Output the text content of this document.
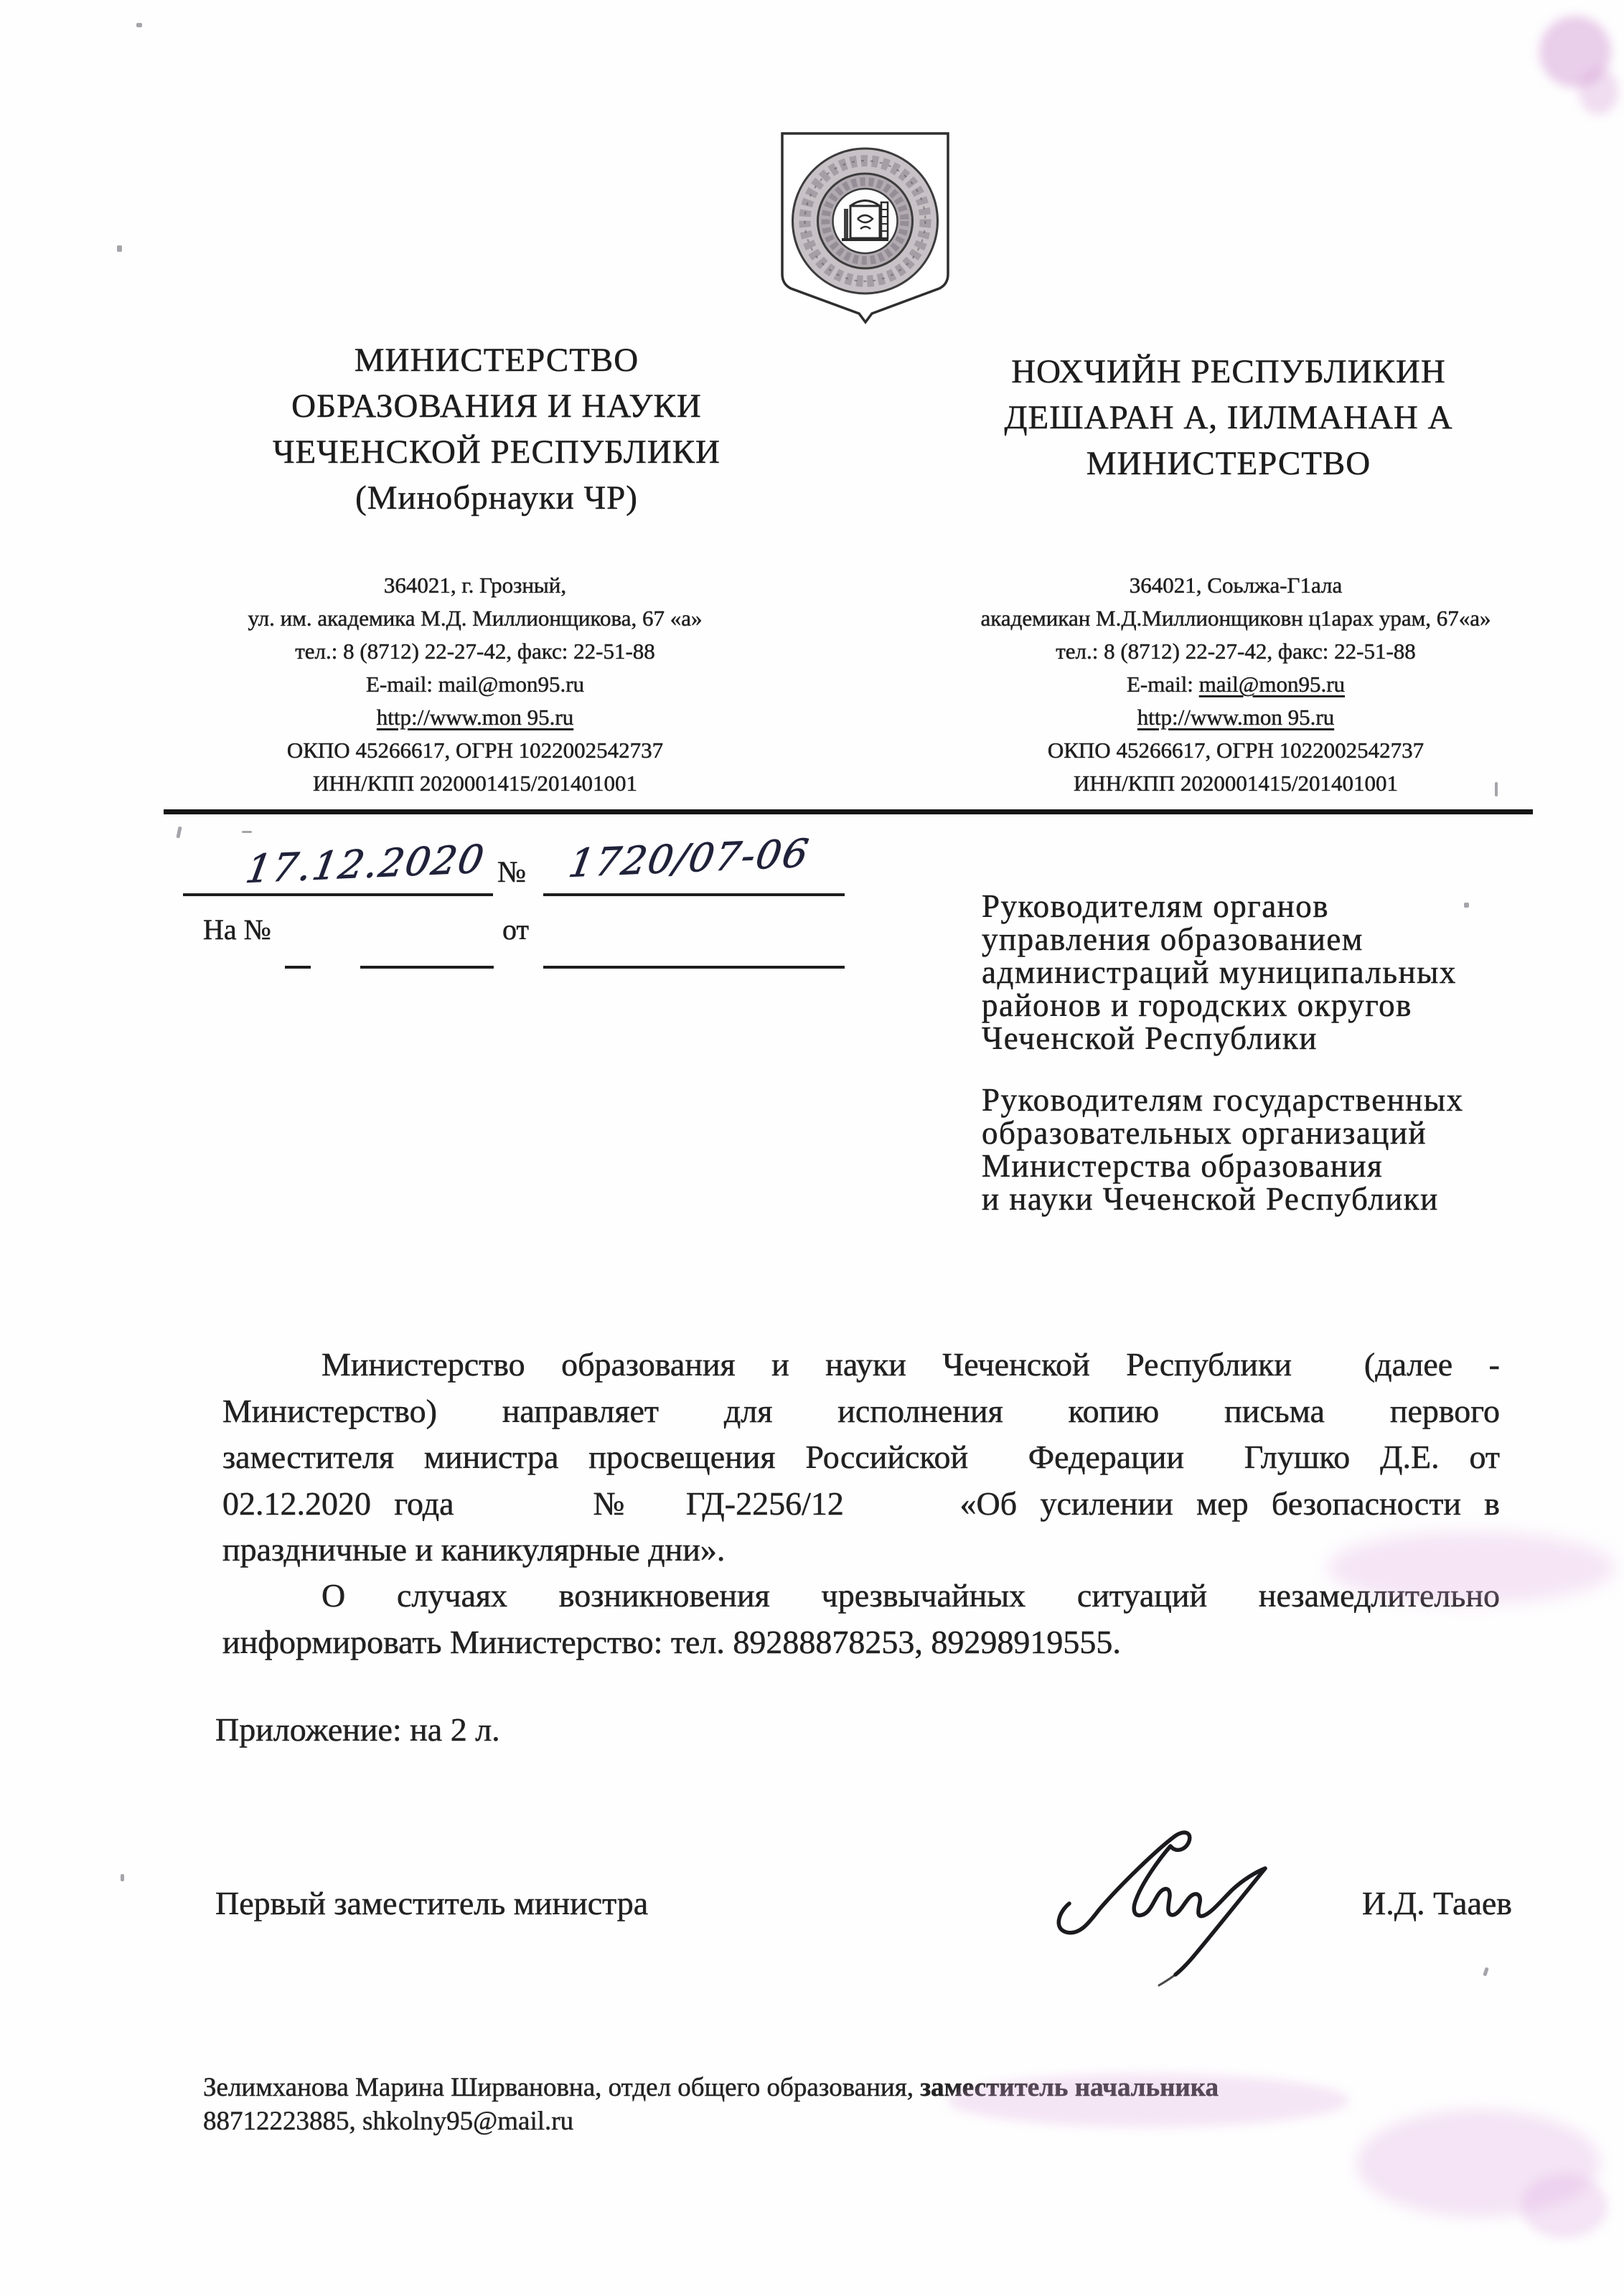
МИНИСТЕРСТВО
ОБРАЗОВАНИЯ И НАУКИ
ЧЕЧЕНСКОЙ РЕСПУБЛИКИ
(Минобрнауки ЧР)
НОХЧИЙН РЕСПУБЛИКИН
ДЕШАРАН А, ІИЛМАНАН А
МИНИСТЕРСТВО
364021, г. Грозный,
ул. им. академика М.Д. Миллионщикова, 67 «а»
тел.: 8 (8712) 22-27-42, факс: 22-51-88
E-mail: mail@mon95.ru
http://www.mon 95.ru
ОКПО 45266617, ОГРН 1022002542737
ИНН/КПП 2020001415/201401001
364021, Соьлжа-Г1ала
академикан М.Д.Миллионщиковн ц1арах урам, 67«а»
тел.: 8 (8712) 22-27-42, факс: 22-51-88
E-mail: mail@mon95.ru
http://www.mon 95.ru
ОКПО 45266617, ОГРН 1022002542737
ИНН/КПП 2020001415/201401001
17.12.2020 № 1720/07-06
На №	от
Руководителям органов
управления образованием
администраций муниципальных
районов и городских округов
Чеченской Республики
Руководителям государственных
образовательных организаций
Министерства образования
и науки Чеченской Республики
Министерство образования и науки Чеченской Республики  (далее -
Министерство) направляет для исполнения копию письма первого
заместителя министра просвещения Российской  Федерации  Глушко Д.Е. от
02.12.2020 года      №  ГД-2256/12     «Об усилении мер безопасности в
праздничные и каникулярные дни».
О случаях возникновения чрезвычайных ситуаций незамедлительно
информировать Министерство: тел. 89288878253, 89298919555.
Приложение: на 2 л.
Первый заместитель министра	И.Д. Тааев
Зелимханова Марина Ширвановна, отдел общего образования, заместитель начальника
88712223885, shkolny95@mail.ru
